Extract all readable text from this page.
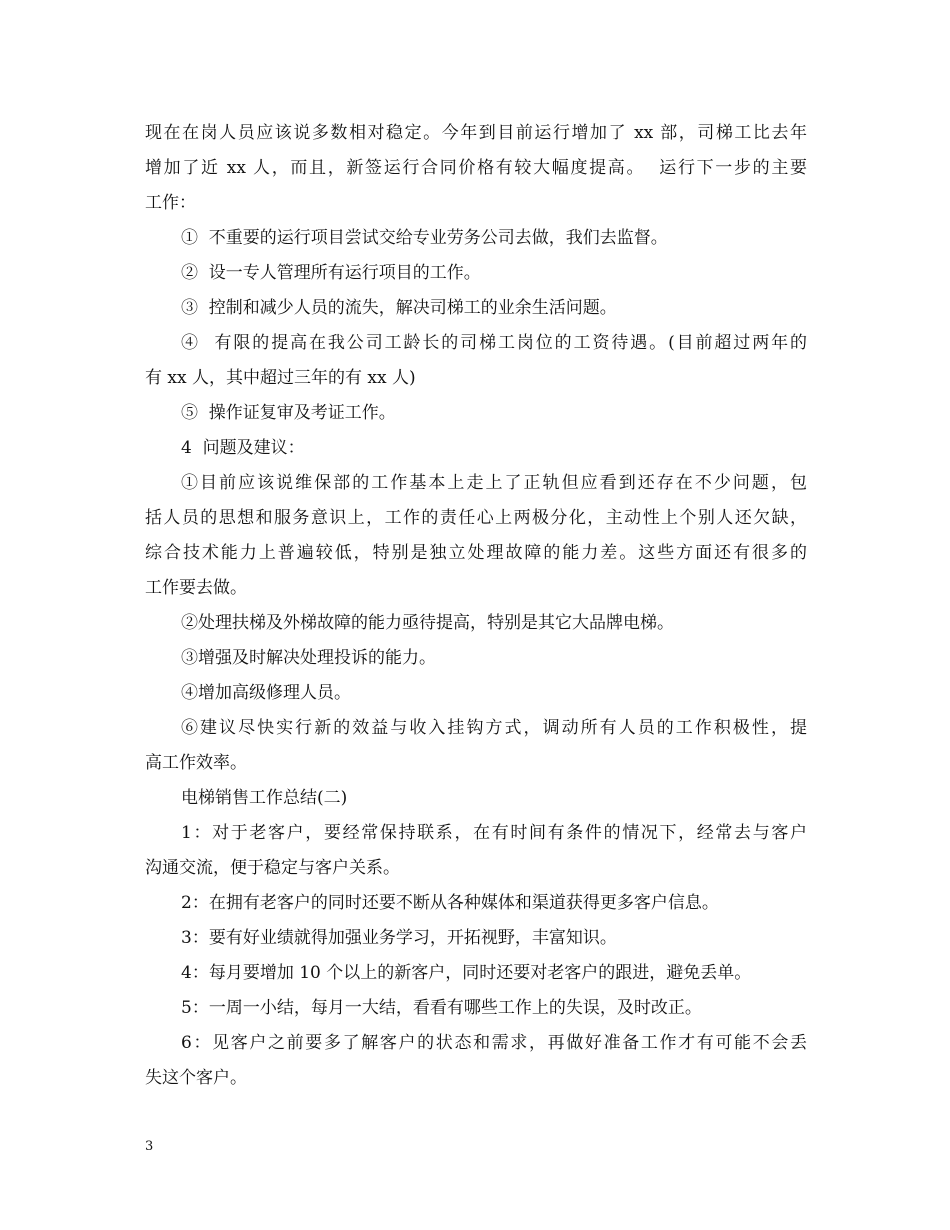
现在在岗人员应该说多数相对稳定。今年到目前运行增加了 xx 部，司梯工比去年
增加了近 xx 人，而且，新签运行合同价格有较大幅度提高。  运行下一步的主要
工作：
①  不重要的运行项目尝试交给专业劳务公司去做，我们去监督。
②  设一专人管理所有运行项目的工作。
③  控制和减少人员的流失，解决司梯工的业余生活问题。
④  有限的提高在我公司工龄长的司梯工岗位的工资待遇。(目前超过两年的
有 xx 人，其中超过三年的有 xx 人)
⑤  操作证复审及考证工作。
4  问题及建议：
①目前应该说维保部的工作基本上走上了正轨但应看到还存在不少问题，包
括人员的思想和服务意识上，工作的责任心上两极分化，主动性上个别人还欠缺，
综合技术能力上普遍较低，特别是独立处理故障的能力差。这些方面还有很多的
工作要去做。
②处理扶梯及外梯故障的能力亟待提高，特别是其它大品牌电梯。
③增强及时解决处理投诉的能力。
④增加高级修理人员。
⑥建议尽快实行新的效益与收入挂钩方式，调动所有人员的工作积极性，提
高工作效率。
电梯销售工作总结(二)
1：对于老客户，要经常保持联系，在有时间有条件的情况下，经常去与客户
沟通交流，便于稳定与客户关系。
2：在拥有老客户的同时还要不断从各种媒体和渠道获得更多客户信息。
3：要有好业绩就得加强业务学习，开拓视野，丰富知识。
4：每月要增加 10 个以上的新客户，同时还要对老客户的跟进，避免丢单。
5：一周一小结，每月一大结，看看有哪些工作上的失误，及时改正。
6：见客户之前要多了解客户的状态和需求，再做好准备工作才有可能不会丢
失这个客户。
3
